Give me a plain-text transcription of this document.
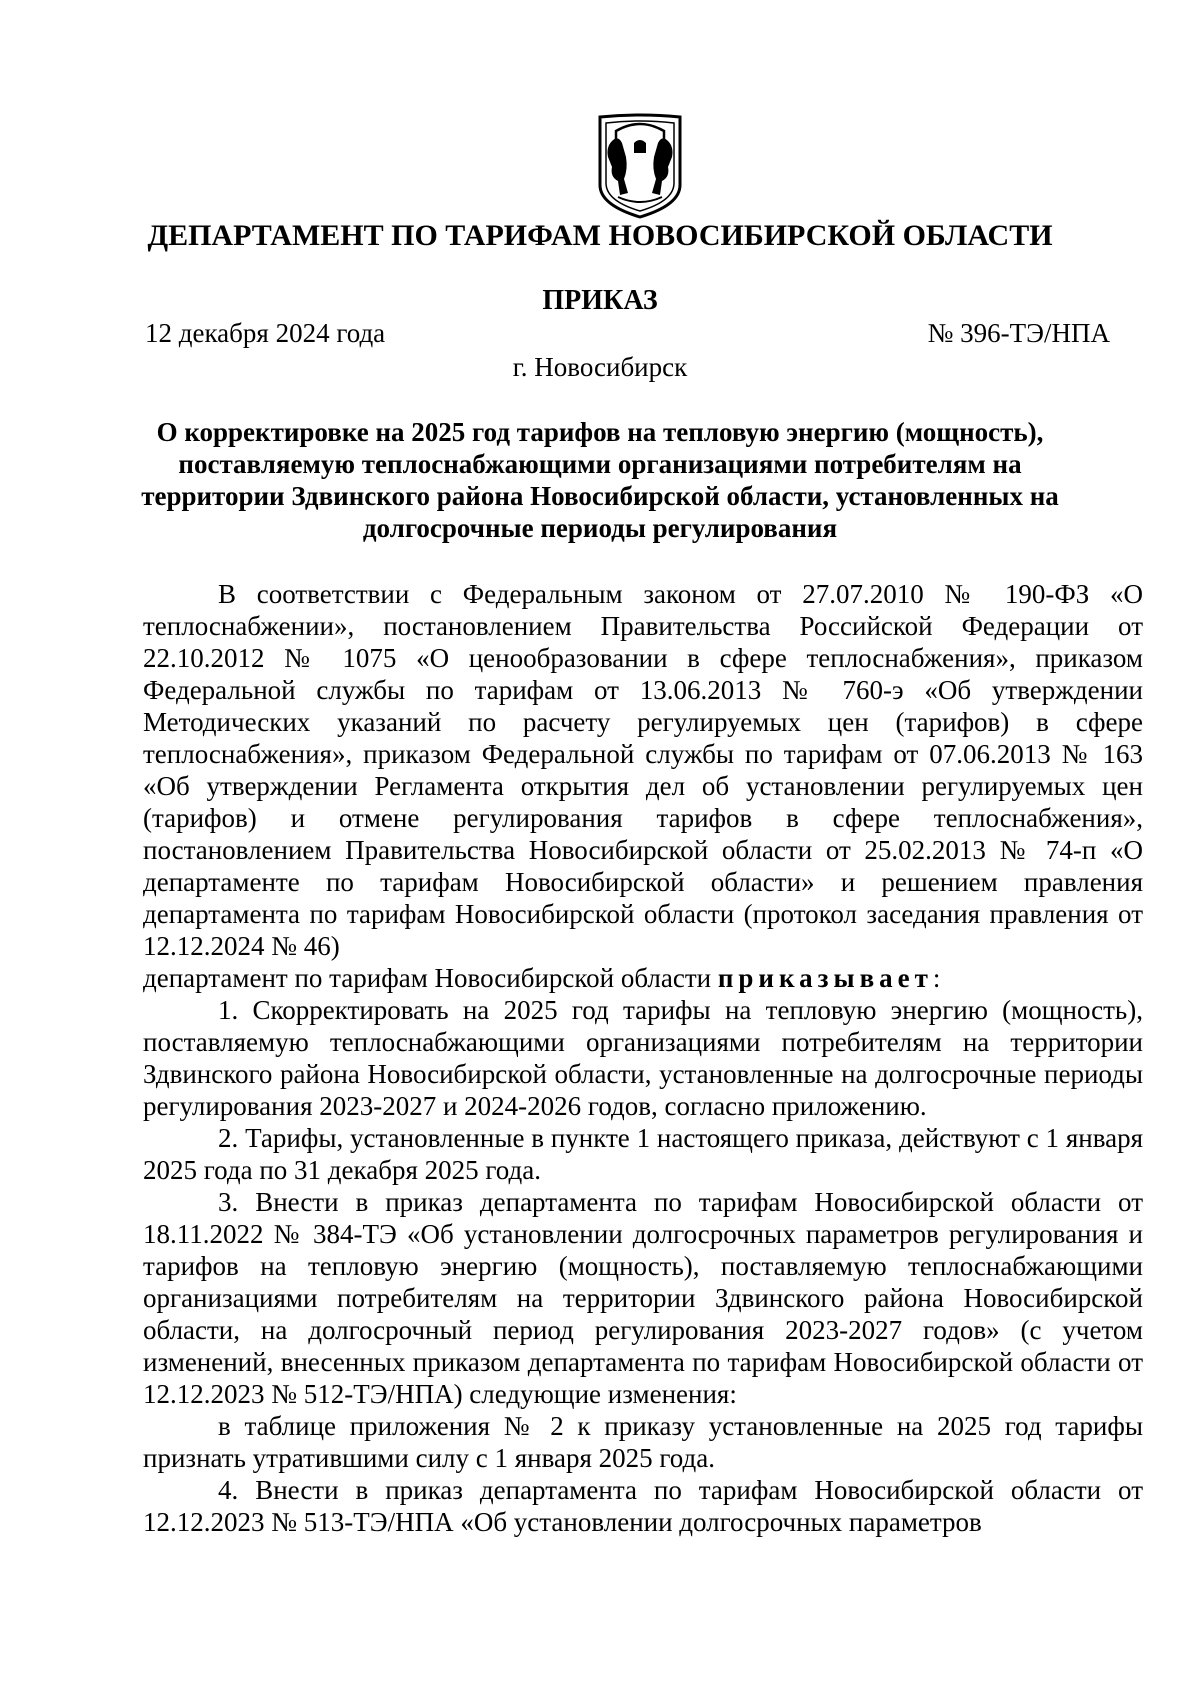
ДЕПАРТАМЕНТ ПО ТАРИФАМ НОВОСИБИРСКОЙ ОБЛАСТИ
ПРИКАЗ
12 декабря 2024 года	№ 396-ТЭ/НПА
г. Новосибирск
О корректировке на 2025 год тарифов на тепловую энергию (мощность), поставляемую теплоснабжающими организациями потребителям на территории Здвинского района Новосибирской области, установленных на долгосрочные периоды регулирования

В соответствии с Федеральным законом от 27.07.2010 № 190-ФЗ «О теплоснабжении», постановлением Правительства Российской Федерации от 22.10.2012 № 1075 «О ценообразовании в сфере теплоснабжения», приказом Федеральной службы по тарифам от 13.06.2013 № 760-э «Об утверждении Методических указаний по расчету регулируемых цен (тарифов) в сфере теплоснабжения», приказом Федеральной службы по тарифам от 07.06.2013 № 163 «Об утверждении Регламента открытия дел об установлении регулируемых цен (тарифов) и отмене регулирования тарифов в сфере теплоснабжения», постановлением Правительства Новосибирской области от 25.02.2013 № 74-п «О департаменте по тарифам Новосибирской области» и решением правления департамента по тарифам Новосибирской области (протокол заседания правления от 12.12.2024 № 46)

департамент по тарифам Новосибирской области приказывает:

1. Скорректировать на 2025 год тарифы на тепловую энергию (мощность), поставляемую теплоснабжающими организациями потребителям на территории Здвинского района Новосибирской области, установленные на долгосрочные периоды регулирования 2023-2027 и 2024-2026 годов, согласно приложению.

2. Тарифы, установленные в пункте 1 настоящего приказа, действуют с 1 января 2025 года по 31 декабря 2025 года.

3. Внести в приказ департамента по тарифам Новосибирской области от 18.11.2022 № 384-ТЭ «Об установлении долгосрочных параметров регулирования и тарифов на тепловую энергию (мощность), поставляемую теплоснабжающими организациями потребителям на территории Здвинского района Новосибирской области, на долгосрочный период регулирования 2023-2027 годов» (с учетом изменений, внесенных приказом департамента по тарифам Новосибирской области от 12.12.2023 № 512-ТЭ/НПА) следующие изменения:

в таблице приложения № 2 к приказу установленные на 2025 год тарифы признать утратившими силу с 1 января 2025 года.

4. Внести в приказ департамента по тарифам Новосибирской области от 12.12.2023 № 513-ТЭ/НПА «Об установлении долгосрочных параметров
